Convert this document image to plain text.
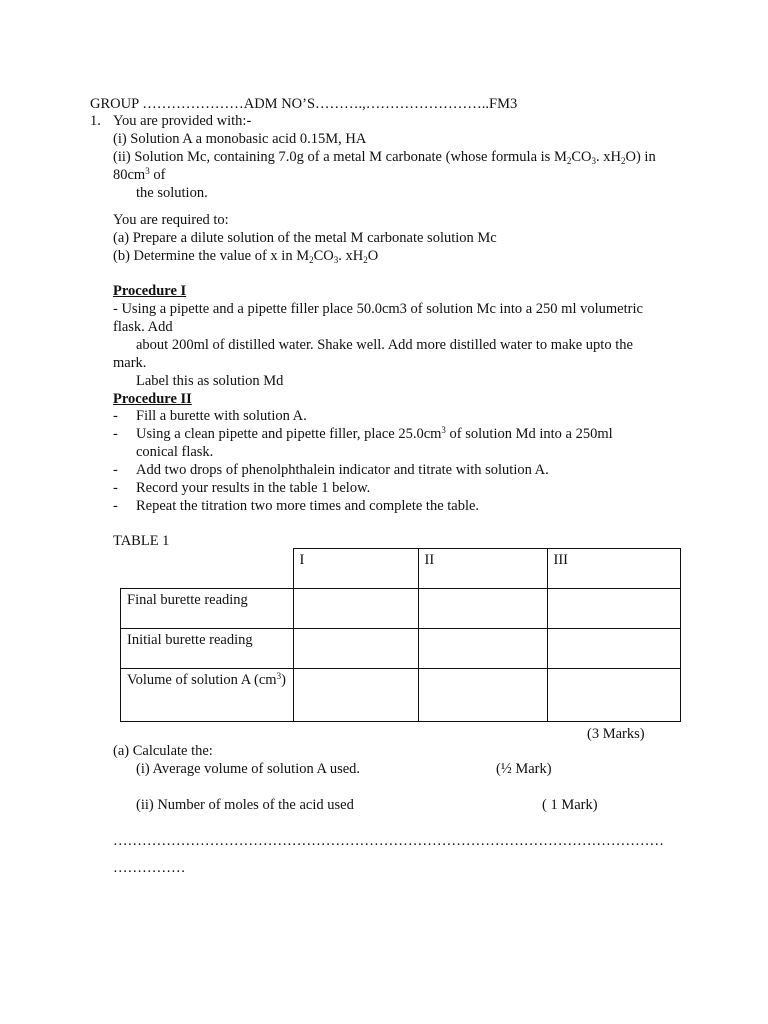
GROUP …………………ADM NO’S……….,……………………..FM3
1. You are provided with:-
(i) Solution A a monobasic acid 0.15M, HA
(ii) Solution Mc, containing 7.0g of a metal M carbonate (whose formula is $M_2CO_3$. $xH_2O$) in
$80cm^3$ of
the solution.
You are required to:
(a) Prepare a dilute solution of the metal M carbonate solution Mc
(b) Determine the value of x in $M_2CO_3$. $xH_2O$
Procedure I
- Using a pipette and a pipette filler place 50.0cm3 of solution Mc into a 250 ml volumetric
flask. Add
about 200ml of distilled water. Shake well. Add more distilled water to make upto the
mark.
Label this as solution Md
Procedure II
- Fill a burette with solution A.
- Using a clean pipette and pipette filler, place $25.0cm^3$ of solution Md into a 250ml
conical flask.
- Add two drops of phenolphthalein indicator and titrate with solution A.
- Record your results in the table 1 below.
- Repeat the titration two more times and complete the table.
TABLE 1
	I	II	III
Final burette reading			
Initial burette reading			
Volume of solution A $(cm^3)$			
(3 Marks)
(a) Calculate the:
(i) Average volume of solution A used.	(½ Mark)
(ii) Number of moles of the acid used	( 1 Mark)
……………………………………………………………………………………………………
……………
